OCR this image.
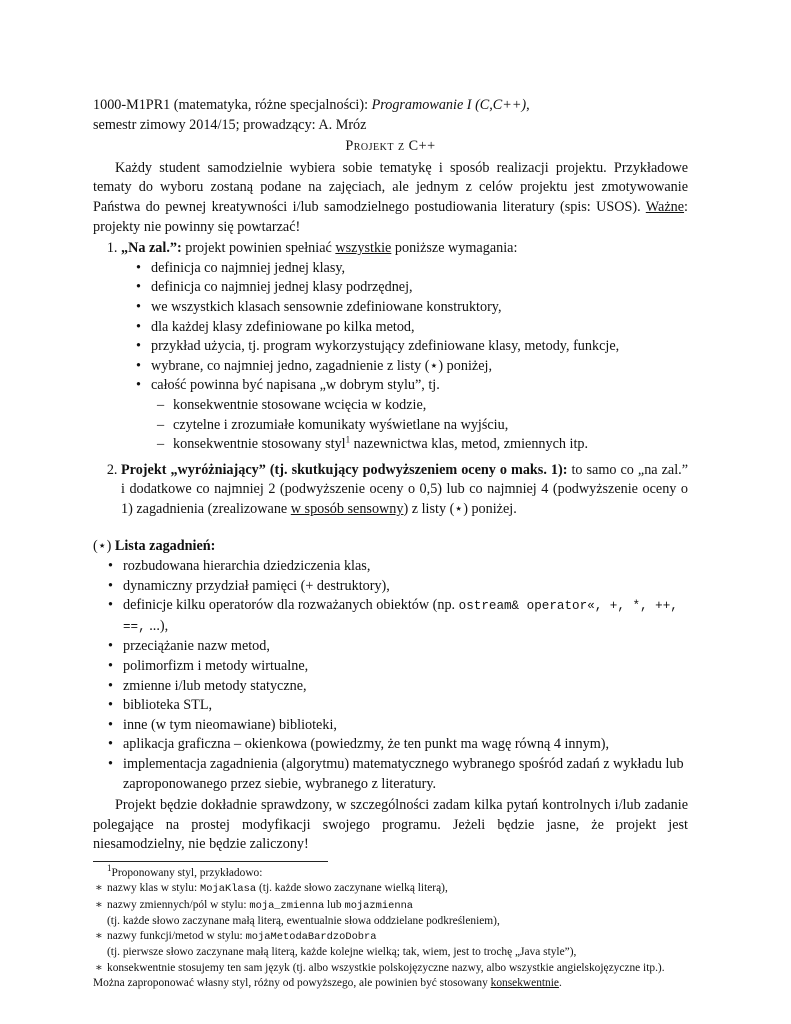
1000-M1PR1 (matematyka, różne specjalności): Programowanie I (C,C++),

semestr zimowy 2014/15; prowadzący: A. Mróz

Projekt z C++

Każdy student samodzielnie wybiera sobie tematykę i sposób realizacji projektu. Przykładowe tematy do wyboru zostaną podane na zajęciach, ale jednym z celów projektu jest zmotywowanie Państwa do pewnej kreatywności i/lub samodzielnego postudiowania literatury (spis: USOS). Ważne: projekty nie powinny się powtarzać!

1. „Na zal.”: projekt powinien spełniać wszystkie poniższe wymagania:
• definicja co najmniej jednej klasy,
• definicja co najmniej jednej klasy podrzędnej,
• we wszystkich klasach sensownie zdefiniowane konstruktory,
• dla każdej klasy zdefiniowane po kilka metod,
• przykład użycia, tj. program wykorzystujący zdefiniowane klasy, metody, funkcje,
• wybrane, co najmniej jedno, zagadnienie z listy (⋆) poniżej,
• całość powinna być napisana „w dobrym stylu”, tj.
– konsekwentnie stosowane wcięcia w kodzie,
– czytelne i zrozumiałe komunikaty wyświetlane na wyjściu,
– konsekwentnie stosowany styl$^1$ nazewnictwa klas, metod, zmiennych itp.
2. Projekt „wyróżniający” (tj. skutkujący podwyższeniem oceny o maks. 1): to samo co „na zal.” i dodatkowe co najmniej 2 (podwyższenie oceny o 0,5) lub co najmniej 4 (podwyższenie oceny o 1) zagadnienia (zrealizowane w sposób sensowny) z listy (⋆) poniżej.

(⋆) Lista zagadnień:

• rozbudowana hierarchia dziedziczenia klas,
• dynamiczny przydział pamięci (+ destruktory),
• definicje kilku operatorów dla rozważanych obiektów (np. ostream& operator«, +, *, ++, ==, ...),
• przeciążanie nazw metod,
• polimorfizm i metody wirtualne,
• zmienne i/lub metody statyczne,
• biblioteka STL,
• inne (w tym nieomawiane) biblioteki,
• aplikacja graficzna – okienkowa (powiedzmy, że ten punkt ma wagę równą 4 innym),
• implementacja zagadnienia (algorytmu) matematycznego wybranego spośród zadań z wykładu lub zaproponowanego przez siebie, wybranego z literatury.

Projekt będzie dokładnie sprawdzony, w szczególności zadam kilka pytań kontrolnych i/lub zadanie polegające na prostej modyfikacji swojego programu. Jeżeli będzie jasne, że projekt jest niesamodzielny, nie będzie zaliczony!

$^1$Proponowany styl, przykładowo:

∗ nazwy klas w stylu: MojaKlasa (tj. każde słowo zaczynane wielką literą),
∗ nazwy zmiennych/pól w stylu: moja_zmienna lub mojazmienna
(tj. każde słowo zaczynane małą literą, ewentualnie słowa oddzielane podkreśleniem),
∗ nazwy funkcji/metod w stylu: mojaMetodaBardzoDobra
(tj. pierwsze słowo zaczynane małą literą, każde kolejne wielką; tak, wiem, jest to trochę „Java style”),
∗ konsekwentnie stosujemy ten sam język (tj. albo wszystkie polskojęzyczne nazwy, albo wszystkie angielskojęzyczne itp.).

Można zaproponować własny styl, różny od powyższego, ale powinien być stosowany konsekwentnie.
